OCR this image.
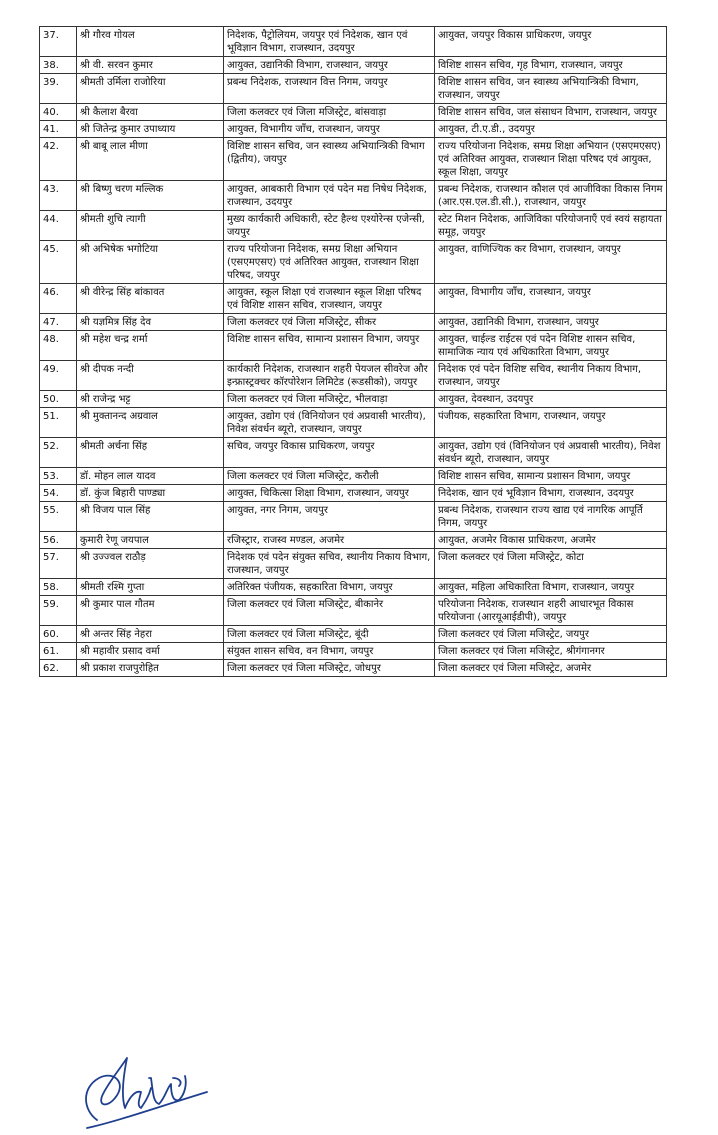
37.	श्री गौरव गोयल	निदेशक, पैट्रोलियम, जयपुर एवं निदेशक, खान एवं भूविज्ञान विभाग, राजस्थान, उदयपुर	आयुक्त, जयपुर विकास प्राधिकरण, जयपुर
38.	श्री वी. सरवन कुमार	आयुक्त, उद्यानिकी विभाग, राजस्थान, जयपुर	विशिष्ट शासन सचिव, गृह विभाग, राजस्थान, जयपुर
39.	श्रीमती उर्मिला राजोरिया	प्रबन्ध निदेशक, राजस्थान वित्त निगम, जयपुर	विशिष्ट शासन सचिव, जन स्वास्थ्य अभियान्त्रिकी विभाग, राजस्थान, जयपुर
40.	श्री कैलाश बैरवा	जिला कलक्टर एवं जिला मजिस्ट्रेट, बांसवाड़ा	विशिष्ट शासन सचिव, जल संसाधन विभाग, राजस्थान, जयपुर
41.	श्री जितेन्द्र कुमार उपाध्याय	आयुक्त, विभागीय जाँच, राजस्थान, जयपुर	आयुक्त, टी.ए.डी., उदयपुर
42.	श्री बाबू लाल मीणा	विशिष्ट शासन सचिव, जन स्वास्थ्य अभियान्त्रिकी विभाग (द्वितीय), जयपुर	राज्य परियोजना निदेशक, समग्र शिक्षा अभियान (एसएमएसए) एवं अतिरिक्त आयुक्त, राजस्थान शिक्षा परिषद एवं आयुक्त, स्कूल शिक्षा, जयपुर
43.	श्री बिष्णु चरण मल्लिक	आयुक्त, आबकारी विभाग एवं पदेन मद्य निषेध निदेशक, राजस्थान, उदयपुर	प्रबन्ध निदेशक, राजस्थान कौशल एवं आजीविका विकास निगम (आर.एस.एल.डी.सी.), राजस्थान, जयपुर
44.	श्रीमती शुचि त्यागी	मुख्य कार्यकारी अधिकारी, स्टेट हैल्थ एश्योरेन्स एजेन्सी, जयपुर	स्टेट मिशन निदेशक, आजिविका परियोजनाएँ एवं स्वयं सहायता समूह, जयपुर
45.	श्री अभिषेक भगोटिया	राज्य परियोजना निदेशक, समग्र शिक्षा अभियान (एसएमएसए) एवं अतिरिक्त आयुक्त, राजस्थान शिक्षा परिषद, जयपुर	आयुक्त, वाणिज्यिक कर विभाग, राजस्थान, जयपुर
46.	श्री वीरेन्द्र सिंह बांकावत	आयुक्त, स्कूल शिक्षा एवं राजस्थान स्कूल शिक्षा परिषद एवं विशिष्ट शासन सचिव, राजस्थान, जयपुर	आयुक्त, विभागीय जाँच, राजस्थान, जयपुर
47.	श्री यज्ञमित्र सिंह देव	जिला कलक्टर एवं जिला मजिस्ट्रेट, सीकर	आयुक्त, उद्यानिकी विभाग, राजस्थान, जयपुर
48.	श्री महेश चन्द्र शर्मा	विशिष्ट शासन सचिव, सामान्य प्रशासन विभाग, जयपुर	आयुक्त, चाईल्ड राईटस एवं पदेन विशिष्ट शासन सचिव, सामाजिक न्याय एवं अधिकारिता विभाग, जयपुर
49.	श्री दीपक नन्दी	कार्यकारी निदेशक, राजस्थान शहरी पेयजल सीवरेज और इन्फ्रास्ट्रक्चर कॉरपोरेशन लिमिटेड (रूडसीको), जयपुर	निदेशक एवं पदेन विशिष्ट सचिव, स्थानीय निकाय विभाग, राजस्थान, जयपुर
50.	श्री राजेन्द्र भट्ट	जिला कलक्टर एवं जिला मजिस्ट्रेट, भीलवाड़ा	आयुक्त, देवस्थान, उदयपुर
51.	श्री मुक्तानन्द अग्रवाल	आयुक्त, उद्योग एवं (विनियोजन एवं अप्रवासी भारतीय), निवेश संवर्धन ब्यूरो, राजस्थान, जयपुर	पंजीयक, सहकारिता विभाग, राजस्थान, जयपुर
52.	श्रीमती अर्चना सिंह	सचिव, जयपुर विकास प्राधिकरण, जयपुर	आयुक्त, उद्योग एवं (विनियोजन एवं अप्रवासी भारतीय), निवेश संवर्धन ब्यूरो, राजस्थान, जयपुर
53.	डॉ. मोहन लाल यादव	जिला कलक्टर एवं जिला मजिस्ट्रेट, करौली	विशिष्ट शासन सचिव, सामान्य प्रशासन विभाग, जयपुर
54.	डॉ. कुंज बिहारी पाण्ड्या	आयुक्त, चिकित्सा शिक्षा विभाग, राजस्थान, जयपुर	निदेशक, खान एवं भूविज्ञान विभाग, राजस्थान, उदयपुर
55.	श्री विजय पाल सिंह	आयुक्त, नगर निगम, जयपुर	प्रबन्ध निदेशक, राजस्थान राज्य खाद्य एवं नागरिक आपूर्ति निगम, जयपुर
56.	कुमारी रेणू जयपाल	रजिस्ट्रार, राजस्व मण्डल, अजमेर	आयुक्त, अजमेर विकास प्राधिकरण, अजमेर
57.	श्री उज्ज्वल राठौड़	निदेशक एवं पदेन संयुक्त सचिव, स्थानीय निकाय विभाग, राजस्थान, जयपुर	जिला कलक्टर एवं जिला मजिस्ट्रेट, कोटा
58.	श्रीमती रश्मि गुप्ता	अतिरिक्त पंजीयक, सहकारिता विभाग, जयपुर	आयुक्त, महिला अधिकारिता विभाग, राजस्थान, जयपुर
59.	श्री कुमार पाल गौतम	जिला कलक्टर एवं जिला मजिस्ट्रेट, बीकानेर	परियोजना निदेशक, राजस्थान शहरी आधारभूत विकास परियोजना (आरयूआईडीपी), जयपुर
60.	श्री अन्तर सिंह नेहरा	जिला कलक्टर एवं जिला मजिस्ट्रेट, बूंदी	जिला कलक्टर एवं जिला मजिस्ट्रेट, जयपुर
61.	श्री महावीर प्रसाद वर्मा	संयुक्त शासन सचिव, वन विभाग, जयपुर	जिला कलक्टर एवं जिला मजिस्ट्रेट, श्रीगंगानगर
62.	श्री प्रकाश राजपुरोहित	जिला कलक्टर एवं जिला मजिस्ट्रेट, जोधपुर	जिला कलक्टर एवं जिला मजिस्ट्रेट, अजमेर
